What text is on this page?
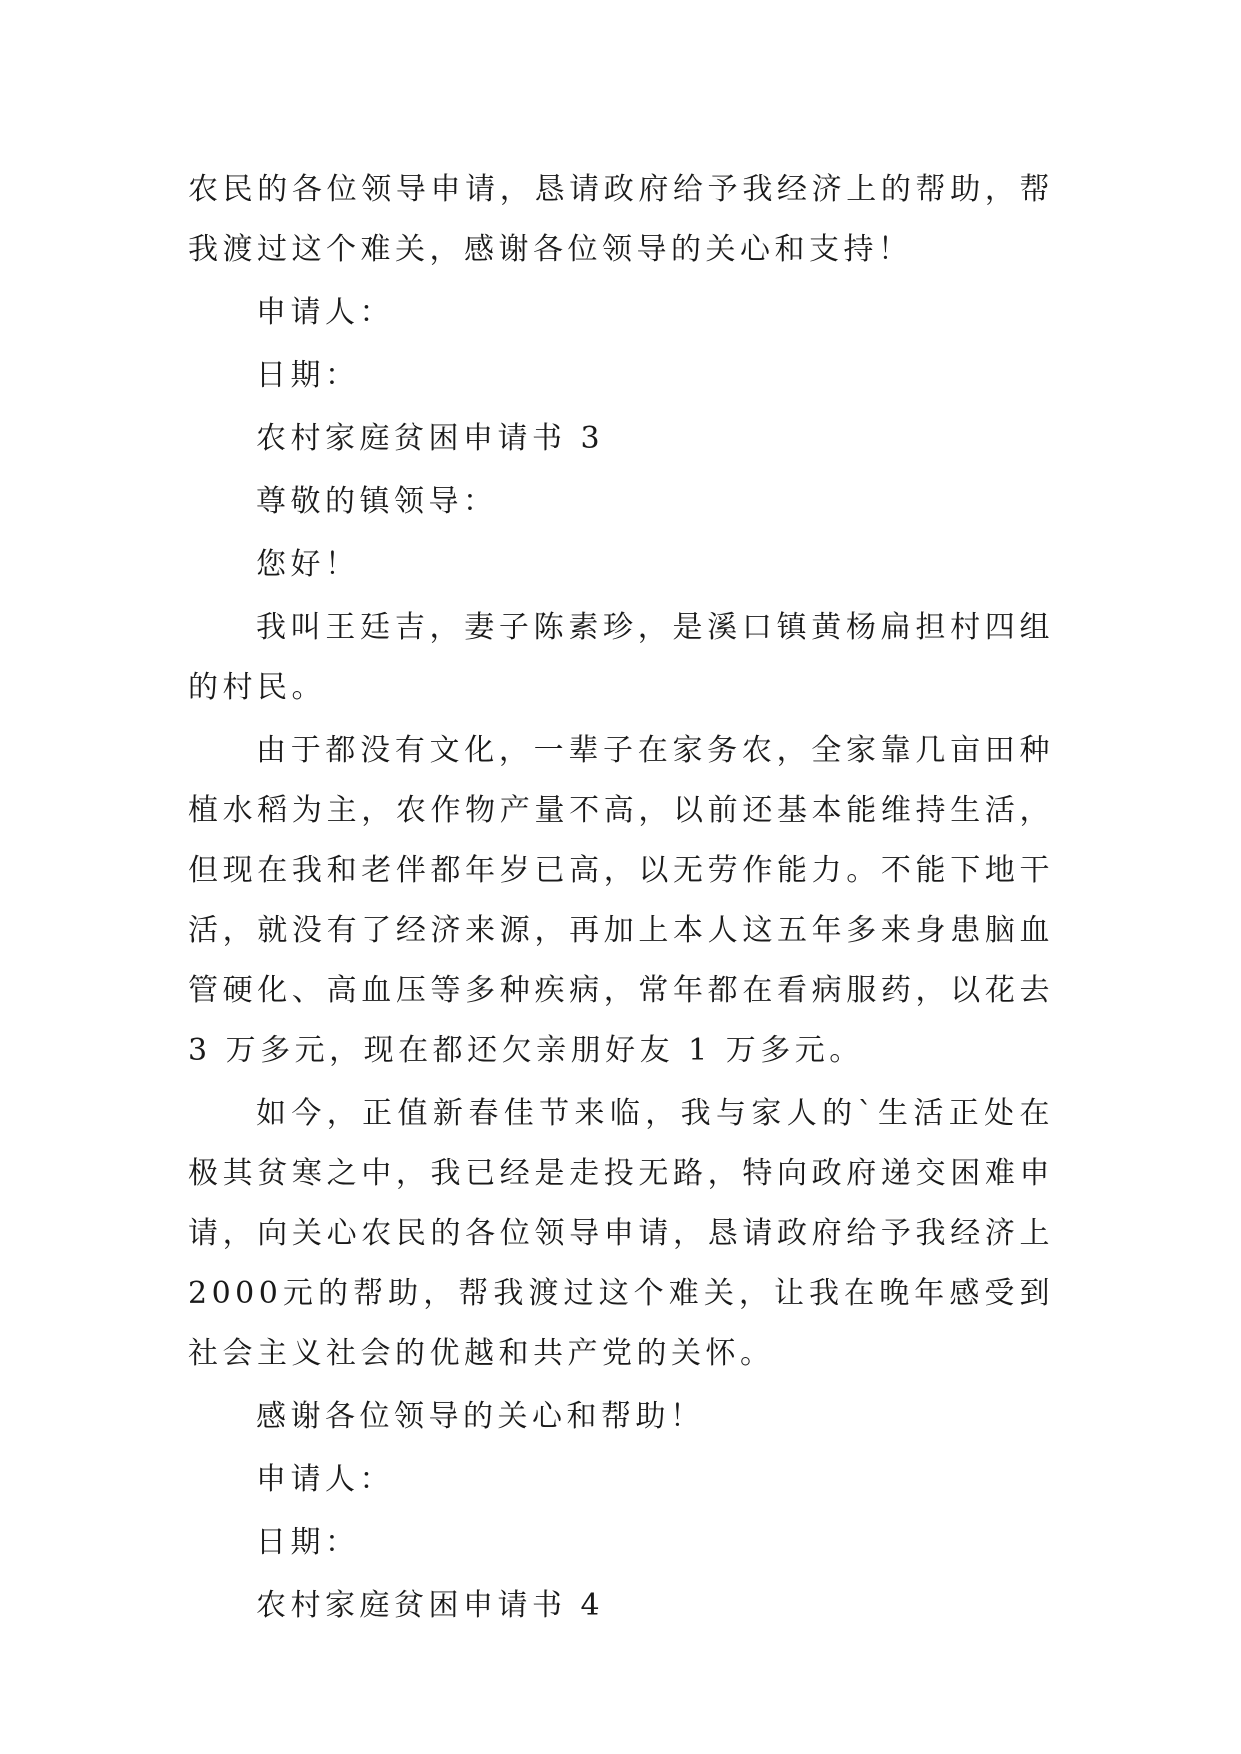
农民的各位领导申请，恳请政府给予我经济上的帮助，帮我渡过这个难关，感谢各位领导的关心和支持！

申请人：

日期：

农村家庭贫困申请书 3

尊敬的镇领导：

您好！

我叫王廷吉，妻子陈素珍，是溪口镇黄杨扁担村四组的村民。

由于都没有文化，一辈子在家务农，全家靠几亩田种植水稻为主，农作物产量不高，以前还基本能维持生活，但现在我和老伴都年岁已高，以无劳作能力。不能下地干活，就没有了经济来源，再加上本人这五年多来身患脑血管硬化、高血压等多种疾病，常年都在看病服药，以花去 3 万多元，现在都还欠亲朋好友 1 万多元。

如今，正值新春佳节来临，我与家人的`生活正处在极其贫寒之中，我已经是走投无路，特向政府递交困难申请，向关心农民的各位领导申请，恳请政府给予我经济上 2000元的帮助，帮我渡过这个难关，让我在晚年感受到社会主义社会的优越和共产党的关怀。

感谢各位领导的关心和帮助！

申请人：

日期：

农村家庭贫困申请书 4
